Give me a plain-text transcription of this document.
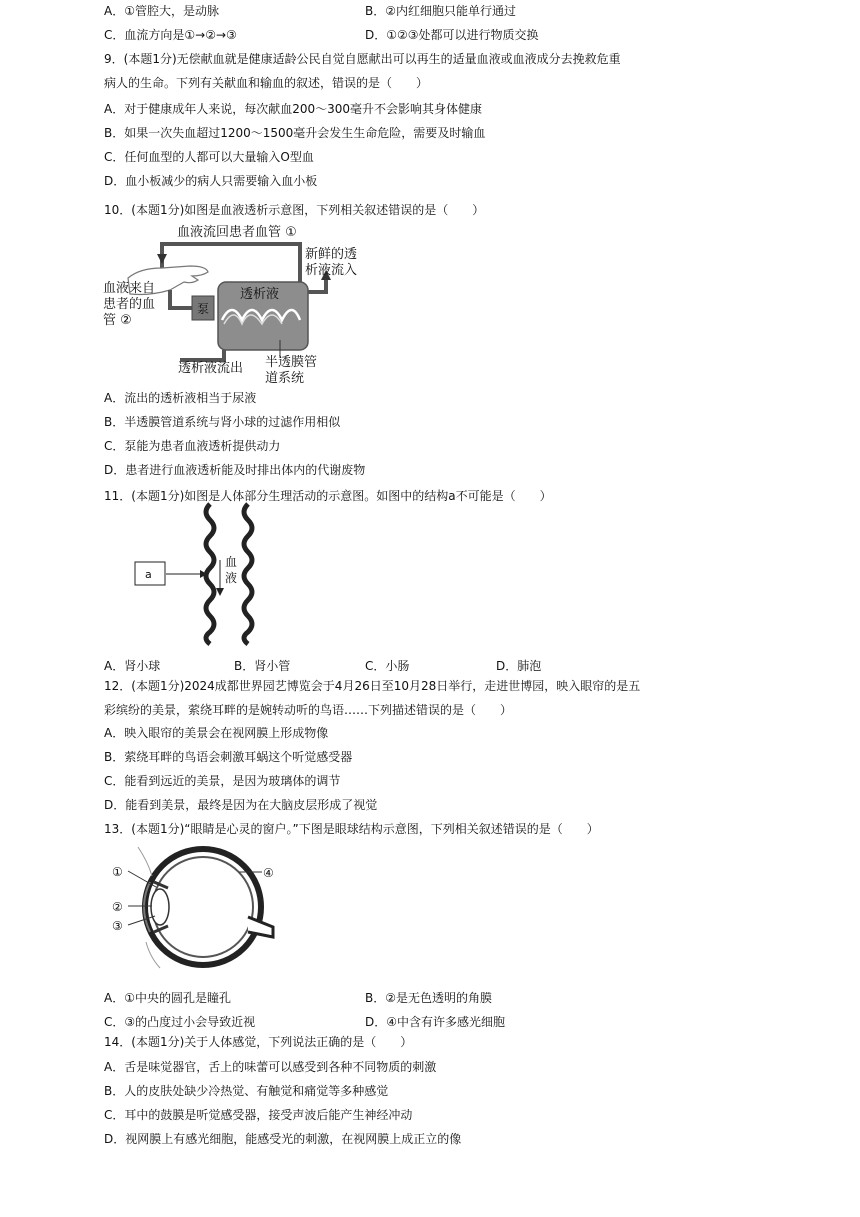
A．①管腔大，是动脉	B．②内红细胞只能单行通过
C．血流方向是①→②→③	D．①②③处都可以进行物质交换
9．(本题1分)无偿献血就是健康适龄公民自觉自愿献出可以再生的适量血液或血液成分去挽救危重
病人的生命。下列有关献血和输血的叙述，错误的是（　　）
A．对于健康成年人来说，每次献血200～300毫升不会影响其身体健康
B．如果一次失血超过1200～1500毫升会发生生命危险，需要及时输血
C．任何血型的人都可以大量输入O型血
D．血小板减少的病人只需要输入血小板
10．(本题1分)如图是血液透析示意图，下列相关叙述错误的是（　　）
血液流回患者血管 ①
新鲜的透
析液流入
血液来自
患者的血
管 ②
透析液
泵
透析液流出 半透膜管
道系统
A．流出的透析液相当于尿液
B．半透膜管道系统与肾小球的过滤作用相似
C．泵能为患者血液透析提供动力
D．患者进行血液透析能及时排出体内的代谢废物
11．(本题1分)如图是人体部分生理活动的示意图。如图中的结构a不可能是（　　）
a
血
液
A．肾小球	B．肾小管	C．小肠	D．肺泡
12．(本题1分)2024成都世界园艺博览会于4月26日至10月28日举行，走进世博园，映入眼帘的是五
彩缤纷的美景，萦绕耳畔的是婉转动听的鸟语……下列描述错误的是（　　）
A．映入眼帘的美景会在视网膜上形成物像
B．萦绕耳畔的鸟语会刺激耳蜗这个听觉感受器
C．能看到远近的美景，是因为玻璃体的调节
D．能看到美景，最终是因为在大脑皮层形成了视觉
13．(本题1分)“眼睛是心灵的窗户。”下图是眼球结构示意图，下列相关叙述错误的是（　　）
①
②
③
④
A．①中央的圆孔是瞳孔	B．②是无色透明的角膜
C．③的凸度过小会导致近视	D．④中含有许多感光细胞
14．(本题1分)关于人体感觉，下列说法正确的是（　　）
A．舌是味觉器官，舌上的味蕾可以感受到各种不同物质的刺激
B．人的皮肤处缺少冷热觉、有触觉和痛觉等多种感觉
C．耳中的鼓膜是听觉感受器，接受声波后能产生神经冲动
D．视网膜上有感光细胞，能感受光的刺激，在视网膜上成正立的像
